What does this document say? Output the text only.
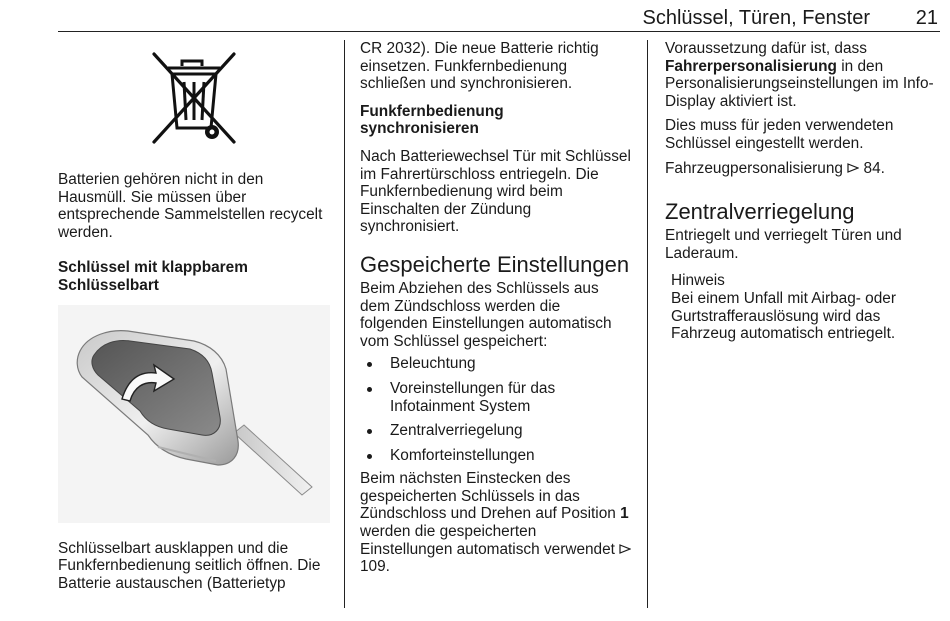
Schlüssel, Türen, Fenster 21

Batterien gehören nicht in den Hausmüll. Sie müssen über entsprechende Sammelstellen recycelt werden.

Schlüssel mit klappbarem Schlüsselbart

Schlüsselbart ausklappen und die Funkfernbedienung seitlich öffnen. Die Batterie austauschen (Batterietyp

CR 2032). Die neue Batterie richtig einsetzen. Funkfernbedienung schließen und synchronisieren.

Funkfernbedienung synchronisieren

Nach Batteriewechsel Tür mit Schlüssel im Fahrertürschloss entriegeln. Die Funkfernbedienung wird beim Einschalten der Zündung synchronisiert.

Gespeicherte Einstellungen

Beim Abziehen des Schlüssels aus dem Zündschloss werden die folgenden Einstellungen automatisch vom Schlüssel gespeichert:

Beleuchtung
Voreinstellungen für das Infotainment System
Zentralverriegelung
Komforteinstellungen

Beim nächsten Einstecken des gespeicherten Schlüssels in das Zündschloss und Drehen auf Position 1 werden die gespeicherten Einstellungen automatisch verwendet  109.

Voraussetzung dafür ist, dass Fahrerpersonalisierung in den Personalisierungseinstellungen im Info-Display aktiviert ist.

Dies muss für jeden verwendeten Schlüssel eingestellt werden.

Fahrzeugpersonalisierung  84.

Zentralverriegelung

Entriegelt und verriegelt Türen und Laderaum.

Hinweis

Bei einem Unfall mit Airbag- oder Gurtstrafferauslösung wird das Fahrzeug automatisch entriegelt.
